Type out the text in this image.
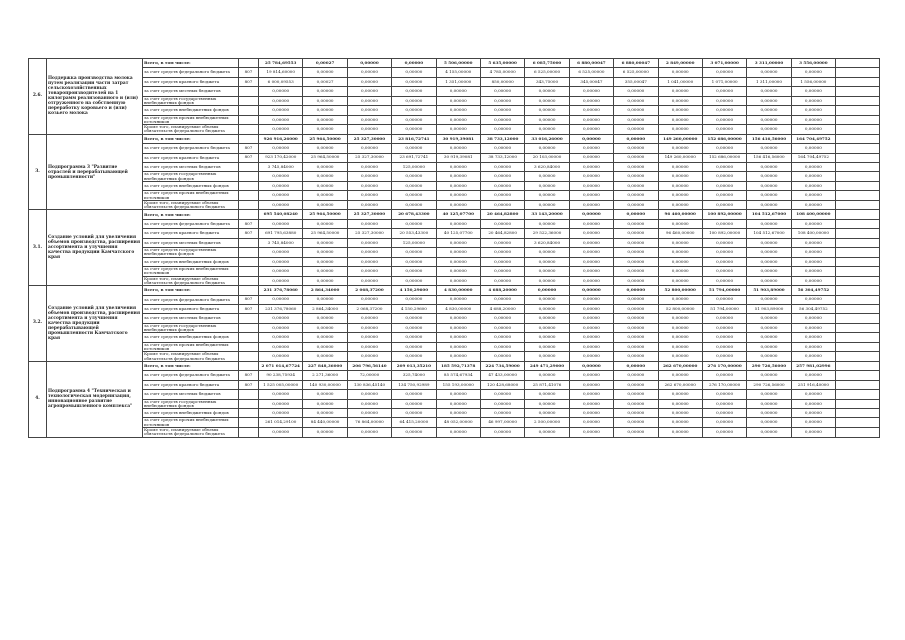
2.6.	Поддержка производства молока путем реализации части затрат сельскохозяйственных товаропроизводителей на 1 килограмм реализованного и (или) отгруженного на собственную переработку коровьего и (или) козьего молока	Всего, в том числе:		25 784,69553	0,00027	0,00000	0,00000	5 506,00000	5 635,00000	6 085,75000	6 880,00047	6 880,00047	2 849,00000	3 071,00000	3 311,00000	3 556,00000	
		за счет средств федерального бюджета	807	19 814,60000	0,00000	0,00000	0,00000	4 155,00000	4 785,00000	6 525,00000	6 525,00000	6 525,00000	0,00000	0,00000	0,00000	0,00000	
		за счет средств краевого бюджета	807	6 000,09553	0,00027	0,00000	0,00000	1 351,00000	850,00000	343,75000	345,00047	355,00047	1 041,00000	1 071,00000	1 311,00000	1 556,00000	
		за счет средств местных бюджетов		0,00000	0,00000	0,00000	0,00000	0,00000	0,00000	0,00000	0,00000	0,00000	0,00000	0,00000	0,00000	0,00000	
		за счет средств государственных внебюджетных фондов		0,00000	0,00000	0,00000	0,00000	0,00000	0,00000	0,00000	0,00000	0,00000	0,00000	0,00000	0,00000	0,00000	
		за счет средств внебюджетных фондов		0,00000	0,00000	0,00000	0,00000	0,00000	0,00000	0,00000	0,00000	0,00000	0,00000	0,00000	0,00000	0,00000	
		за счет средств прочих внебюджетных источников		0,00000	0,00000	0,00000	0,00000	0,00000	0,00000	0,00000	0,00000	0,00000	0,00000	0,00000	0,00000	0,00000	
		Кроме того, планируемые объемы обязательств федерального бюджета		0,00000	0,00000	0,00000	0,00000	0,00000	0,00000	0,00000	0,00000	0,00000	0,00000	0,00000	0,00000	0,00000	
3.	Подпрограмма 3 "Развитие отраслей и перерабатывающей промышленности"	Всего, в том числе:		926 916,26000	25 964,50000	25 327,30000	23 816,72741	30 919,39081	38 733,12000	33 016,26000	0,00000	0,00000	149 260,00000	152 686,00000	156 416,56000	164 704,49752	
		за счет средств федерального бюджета	807	0,00000	0,00000	0,00000	0,00000	0,00000	0,00000	0,00000	0,00000	0,00000	0,00000	0,00000	0,00000	0,00000	
		за счет средств краевого бюджета	807	923 170,42000	25 964,50000	25 327,30000	23 691,72741	30 919,39081	38 733,12000	20 103,00000	0,00000	0,00000	149 260,00000	152 686,00000	156 416,56000	164 704,49752	
		за счет средств местных бюджетов		3 745,84000	0,00000	0,00000	125,00000	0,00000	0,00000	3 620,84000	0,00000	0,00000	0,00000	0,00000	0,00000	0,00000	
		за счет средств государственных внебюджетных фондов		0,00000	0,00000	0,00000	0,00000	0,00000	0,00000	0,00000	0,00000	0,00000	0,00000	0,00000	0,00000	0,00000	
		за счет средств внебюджетных фондов		0,00000	0,00000	0,00000	0,00000	0,00000	0,00000	0,00000	0,00000	0,00000	0,00000	0,00000	0,00000	0,00000	
		за счет средств прочих внебюджетных источников		0,00000	0,00000	0,00000	0,00000	0,00000	0,00000	0,00000	0,00000	0,00000	0,00000	0,00000	0,00000	0,00000	
		Кроме того, планируемые объемы обязательств федерального бюджета		0,00000	0,00000	0,00000	0,00000	0,00000	0,00000	0,00000	0,00000	0,00000	0,00000	0,00000	0,00000	0,00000	
3.1.	Создание условий для увеличения объемов производства, расширения ассортимента и улучшения качества продукции Камчатского края	Всего, в том числе:		695 540,08240	25 964,50000	25 327,30000	20 678,43300	40 125,07700	20 464,82800	33 143,20000	0,00000	0,00000	96 460,00000	100 892,00000	104 512,67000	108 400,00000	
		за счет средств федерального бюджета	807	0,00000	0,00000	0,00000	0,00000	0,00000	0,00000	0,00000	0,00000	0,00000	0,00000	0,00000	0,00000	0,00000	
		за счет средств краевого бюджета	807	691 795,63880	25 964,50000	25 327,30000	20 553,43300	40 125,07700	20 464,82800	29 522,36000	0,00000	0,00000	96 460,00000	100 892,00000	104 512,67000	108 400,00000	
		за счет средств местных бюджетов		3 745,84000	0,00000	0,00000	125,00000	0,00000	0,00000	3 620,84000	0,00000	0,00000	0,00000	0,00000	0,00000	0,00000	
		за счет средств государственных внебюджетных фондов		0,00000	0,00000	0,00000	0,00000	0,00000	0,00000	0,00000	0,00000	0,00000	0,00000	0,00000	0,00000	0,00000	
		за счет средств внебюджетных фондов		0,00000	0,00000	0,00000	0,00000	0,00000	0,00000	0,00000	0,00000	0,00000	0,00000	0,00000	0,00000	0,00000	
		за счет средств прочих внебюджетных источников		0,00000	0,00000	0,00000	0,00000	0,00000	0,00000	0,00000	0,00000	0,00000	0,00000	0,00000	0,00000	0,00000	
		Кроме того, планируемые объемы обязательств федерального бюджета		0,00000	0,00000	0,00000	0,00000	0,00000	0,00000	0,00000	0,00000	0,00000	0,00000	0,00000	0,00000	0,00000	
3.2.	Создание условий для увеличения объемов производства, расширения ассортимента и улучшения качества продукции перерабатывающей промышленности Камчатского края	Всего, в том числе:		231 376,78060	2 864,34000	2 068,37200	4 150,29600	4 830,00000	4 688,20000	0,00000	0,00000	0,00000	52 800,00000	51 794,00000	51 903,89000	56 304,49752	
		за счет средств федерального бюджета	807	0,00000	0,00000	0,00000	0,00000	0,00000	0,00000	0,00000	0,00000	0,00000	0,00000	0,00000	0,00000	0,00000	
		за счет средств краевого бюджета	807	231 376,78060	2 864,34000	2 068,37200	4 150,29600	4 830,00000	4 688,20000	0,00000	0,00000	0,00000	52 800,00000	51 794,00000	51 903,89000	56 304,49752	
		за счет средств местных бюджетов		0,00000	0,00000	0,00000	0,00000	0,00000	0,00000	0,00000	0,00000	0,00000	0,00000	0,00000	0,00000	0,00000	
		за счет средств государственных внебюджетных фондов		0,00000	0,00000	0,00000	0,00000	0,00000	0,00000	0,00000	0,00000	0,00000	0,00000	0,00000	0,00000	0,00000	
		за счет средств внебюджетных фондов		0,00000	0,00000	0,00000	0,00000	0,00000	0,00000	0,00000	0,00000	0,00000	0,00000	0,00000	0,00000	0,00000	
		за счет средств прочих внебюджетных источников		0,00000	0,00000	0,00000	0,00000	0,00000	0,00000	0,00000	0,00000	0,00000	0,00000	0,00000	0,00000	0,00000	
		Кроме того, планируемые объемы обязательств федерального бюджета		0,00000	0,00000	0,00000	0,00000	0,00000	0,00000	0,00000	0,00000	0,00000	0,00000	0,00000	0,00000	0,00000	
4.	Подпрограмма 4 "Техническая и технологическая модернизация, инновационное развитие агропромышленного комплекса"	Всего, в том числе:		2 071 014,67724	227 848,36000	206 796,56140	209 013,35210	185 592,71378	224 734,59000	249 471,29000	0,00000	0,00000	262 670,00000	276 170,00000	290 726,56000	257 981,02996	
		за счет средств федерального бюджета	807	90 238,75934	2 271,36000	72,00000	325,74000	85 574,67934	47 433,00000	0,00000	0,00000	0,00000	0,00000	0,00000	0,00000	0,00000	
		за счет средств краевого бюджета	807	1 525 005,00000	140 930,00000	130 836,45140	134 750,92989	155 193,00000	120 428,68000	25 871,41076	0,00000	0,00000	262 670,00000	276 170,00000	290 726,56000	251 916,40000	
		за счет средств местных бюджетов		0,00000	0,00000	0,00000	0,00000	0,00000	0,00000	0,00000	0,00000	0,00000	0,00000	0,00000	0,00000	0,00000	
		за счет средств государственных внебюджетных фондов		0,00000	0,00000	0,00000	0,00000	0,00000	0,00000	0,00000	0,00000	0,00000	0,00000	0,00000	0,00000	0,00000	
		за счет средств внебюджетных фондов		0,00000	0,00000	0,00000	0,00000	0,00000	0,00000	0,00000	0,00000	0,00000	0,00000	0,00000	0,00000	0,00000	
		за счет средств прочих внебюджетных источников		261 014,29100	84 440,00000	76 864,00000	64 415,20000	48 052,00000	46 997,00000	2 500,00000	0,00000	0,00000	0,00000	0,00000	0,00000	0,00000	
		Кроме того, планируемые объемы обязательств федерального бюджета		0,00000	0,00000	0,00000	0,00000	0,00000	0,00000	0,00000	0,00000	0,00000	0,00000	0,00000	0,00000	0,00000	
